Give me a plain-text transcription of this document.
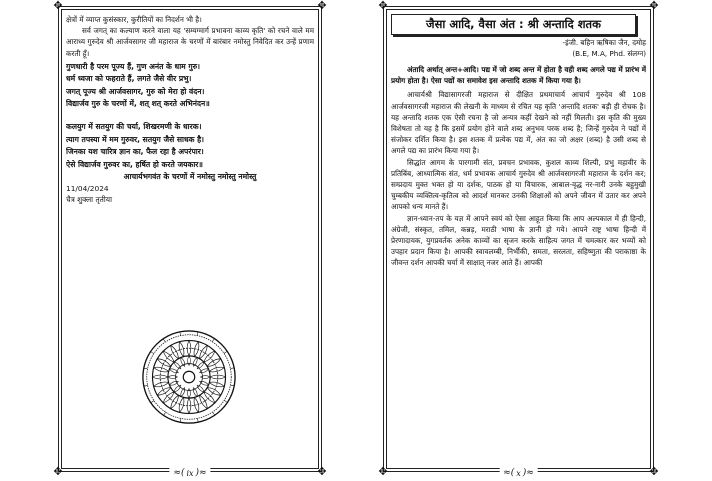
✥	✥
✥	✥

क्षेत्रों में व्याप्त कुसंस्कार, कुरीतियों का निदर्शन भी है।

सर्व जगत् का कल्याण करने वाला यह 'सम्यग्मार्ग प्रभावना काव्य कृति' को रचने वाले मम आराध्य गुरुदेव श्री आर्जवसागर जी महाराज के चरणों में बारंबार नमोस्तु निवेदित कर उन्हें प्रणाम करती हूँ।

गुणधारी है परम पूज्य हैं, गुण अनंत के धाम गुरु।

धर्म ध्वजा को फहराते हैं, लगते जैसे वीर प्रभु।

जगत् पूज्य श्री आर्जवसागर, गुरु को मेरा हो वंदन।

विद्यार्जव गुरु के चरणों में, शत् शत् करते अभिनंदन॥

कलयुग में सतयुग की चर्या, शिखरमणी के धारक।

त्याग तपस्या में मम गुरुवर, सतयुग जैसे साधक है।

जिनका यश चारित्र ज्ञान का, फैल रहा है अपरंपार।

ऐसे विद्यार्जव गुरुवर का, हर्षित हो करते जयकार॥

आचार्यभगवंत के चरणों में नमोस्तु नमोस्तु नमोस्तु

11/04/2024

चैत्र शुक्ला तृतीया

≈( ix )≈
✥	✥
✥	✥
जैसा आदि, वैसा अंत : श्री अन्तादि शतक

-इंजी. बहिन ऋषिका जैन, दमोह

(B.E, M.A, Phd. संलग्न)

अंतादि अर्थात् अन्त+आदि। पद्य में जो शब्द अन्त में होता है वही शब्द अगले पद्य में प्रारंभ में प्रयोग होता है। ऐसा पद्यों का समावेश इस अन्तादि शतक में किया गया है।

आचार्यश्री विद्यासागरजी महाराज से दीक्षित प्रथमाचार्य आचार्य गुरुदेव श्री 108 आर्जवसागरजी महाराज की लेखनी के माध्यम से रचित यह कृति 'अन्तादि शतक' बड़ी ही रोचक है। यह अन्तादि शतक एक ऐसी रचना है जो अन्यत्र कहीं देखने को नहीं मिलती। इस कृति की मुख्य विशेषता तो यह है कि इसमें प्रयोग होने वाले शब्द अनुभव परक शब्द है; जिन्हें गुरुदेव ने पद्यों में संजोकर दर्शित किया है। इस शतक में प्रत्येक पद्य में, अंत का जो अक्षर (शब्द) है उसी शब्द से अगले पद्य का प्रारंभ किया गया है।

सिद्धांत आगम के पारगामी संत, प्रवचन प्रभावक, कुशल काव्य शिल्पी, प्रभु महावीर के प्रतिबिंब, आध्यात्मिक संत, धर्म प्रभावक आचार्य गुरुदेव श्री आर्जवसागरजी महाराज के दर्शन कर; सम्प्रदाय मुक्त भक्त हो या दर्शक, पाठक हो या विचारक, आबाल-वृद्ध नर-नारी उनके बहुमुखी चुम्बकीय व्यक्तित्व-कृतित्व को आदर्श मानकर उनकी शिक्षाओं को अपने जीवन में उतार कर अपने आपको धन्य मानते हैं।

ज्ञान-ध्यान-तप के यज्ञ में आपने स्वयं को ऐसा आहूत किया कि आप अल्पकाल में ही हिन्दी, अंग्रेजी, संस्कृत, तमिल, कन्नड़, मराठी भाषा के ज्ञानी हो गये। आपने राष्ट्र भाषा हिन्दी में प्रेरणादायक, युगप्रवर्तक अनेक काव्यों का सृजन करके साहित्य जगत में चमत्कार कर भव्यों को उपहार प्रदान किया है। आपकी स्वावलम्बी, निर्भीकी, समता, सरलता, सहिष्णुता की पराकाष्ठा के जीवन्त दर्शन आपकी चर्या में साक्षात् नजर आते हैं। आपकी

≈( x )≈
